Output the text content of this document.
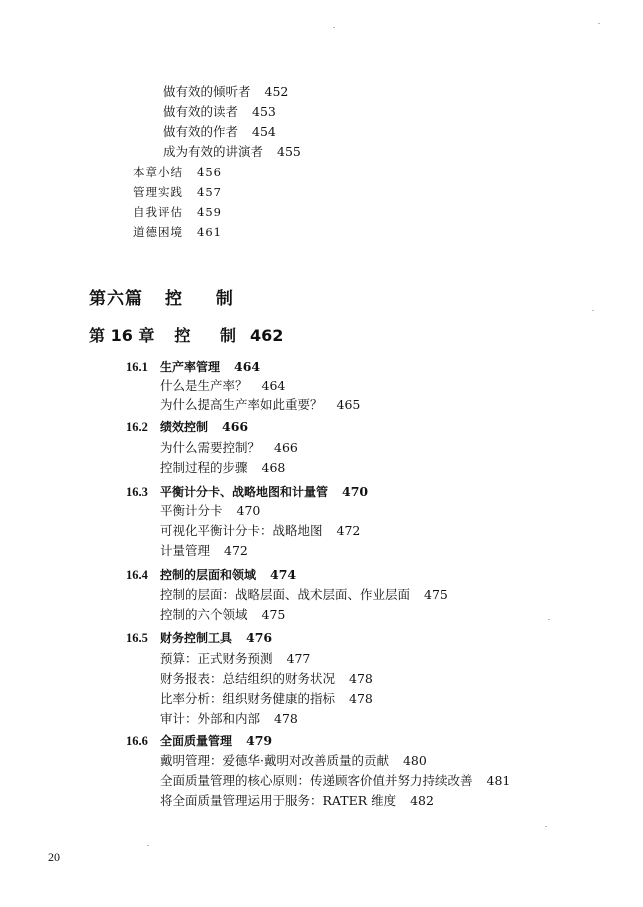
做有效的倾听者 452
做有效的读者 453
做有效的作者 454
成为有效的讲演者 455
本章小结 456
管理实践 457
自我评估 459
道德困境 461
第六篇 控 制
第 16 章 控 制 462
16.1 生产率管理 464
什么是生产率？ 464
为什么提高生产率如此重要？ 465
16.2 绩效控制 466
为什么需要控制？ 466
控制过程的步骤 468
16.3 平衡计分卡、战略地图和计量管 470
平衡计分卡 470
可视化平衡计分卡：战略地图 472
计量管理 472
16.4 控制的层面和领域 474
控制的层面：战略层面、战术层面、作业层面 475
控制的六个领域 475
16.5 财务控制工具 476
预算：正式财务预测 477
财务报表：总结组织的财务状况 478
比率分析：组织财务健康的指标 478
审计：外部和内部 478
16.6 全面质量管理 479
戴明管理：爱德华·戴明对改善质量的贡献 480
全面质量管理的核心原则：传递顾客价值并努力持续改善 481
将全面质量管理运用于服务：RATER 维度 482
20
